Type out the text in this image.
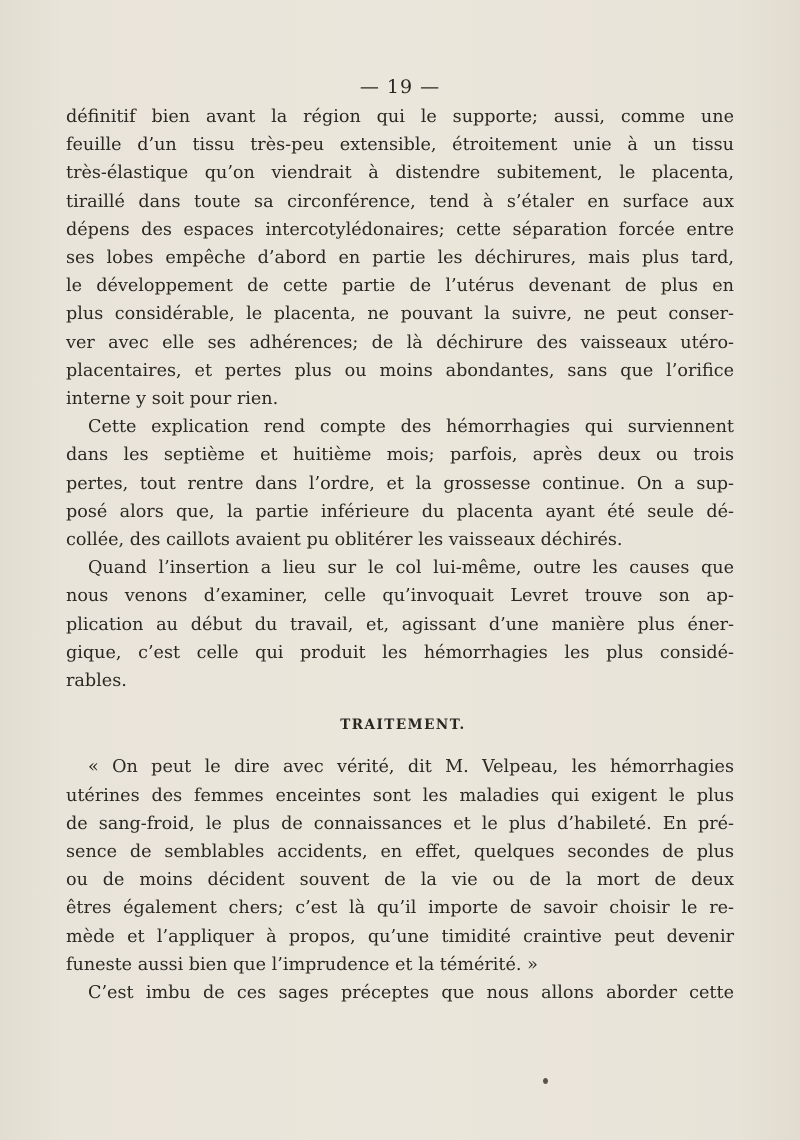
— 19 —
définitif bien avant la région qui le supporte; aussi, comme une
feuille d’un tissu très-peu extensible, étroitement unie à un tissu
très-élastique qu’on viendrait à distendre subitement, le placenta,
tiraillé dans toute sa circonférence, tend à s’étaler en surface aux
dépens des espaces intercotylédonaires; cette séparation forcée entre
ses lobes empêche d’abord en partie les déchirures, mais plus tard,
le développement de cette partie de l’utérus devenant de plus en
plus considérable, le placenta, ne pouvant la suivre, ne peut conser-
ver avec elle ses adhérences; de là déchirure des vaisseaux utéro-
placentaires, et pertes plus ou moins abondantes, sans que l’orifice
interne y soit pour rien.
Cette explication rend compte des hémorrhagies qui surviennent
dans les septième et huitième mois; parfois, après deux ou trois
pertes, tout rentre dans l’ordre, et la grossesse continue. On a sup-
posé alors que, la partie inférieure du placenta ayant été seule dé-
collée, des caillots avaient pu oblitérer les vaisseaux déchirés.
Quand l’insertion a lieu sur le col lui-même, outre les causes que
nous venons d’examiner, celle qu’invoquait Levret trouve son ap-
plication au début du travail, et, agissant d’une manière plus éner-
gique, c’est celle qui produit les hémorrhagies les plus considé-
rables.
TRAITEMENT.
« On peut le dire avec vérité, dit M. Velpeau, les hémorrhagies
utérines des femmes enceintes sont les maladies qui exigent le plus
de sang-froid, le plus de connaissances et le plus d’habileté. En pré-
sence de semblables accidents, en effet, quelques secondes de plus
ou de moins décident souvent de la vie ou de la mort de deux
êtres également chers; c’est là qu’il importe de savoir choisir le re-
mède et l’appliquer à propos, qu’une timidité craintive peut devenir
funeste aussi bien que l’imprudence et la témérité. »
C’est imbu de ces sages préceptes que nous allons aborder cette
